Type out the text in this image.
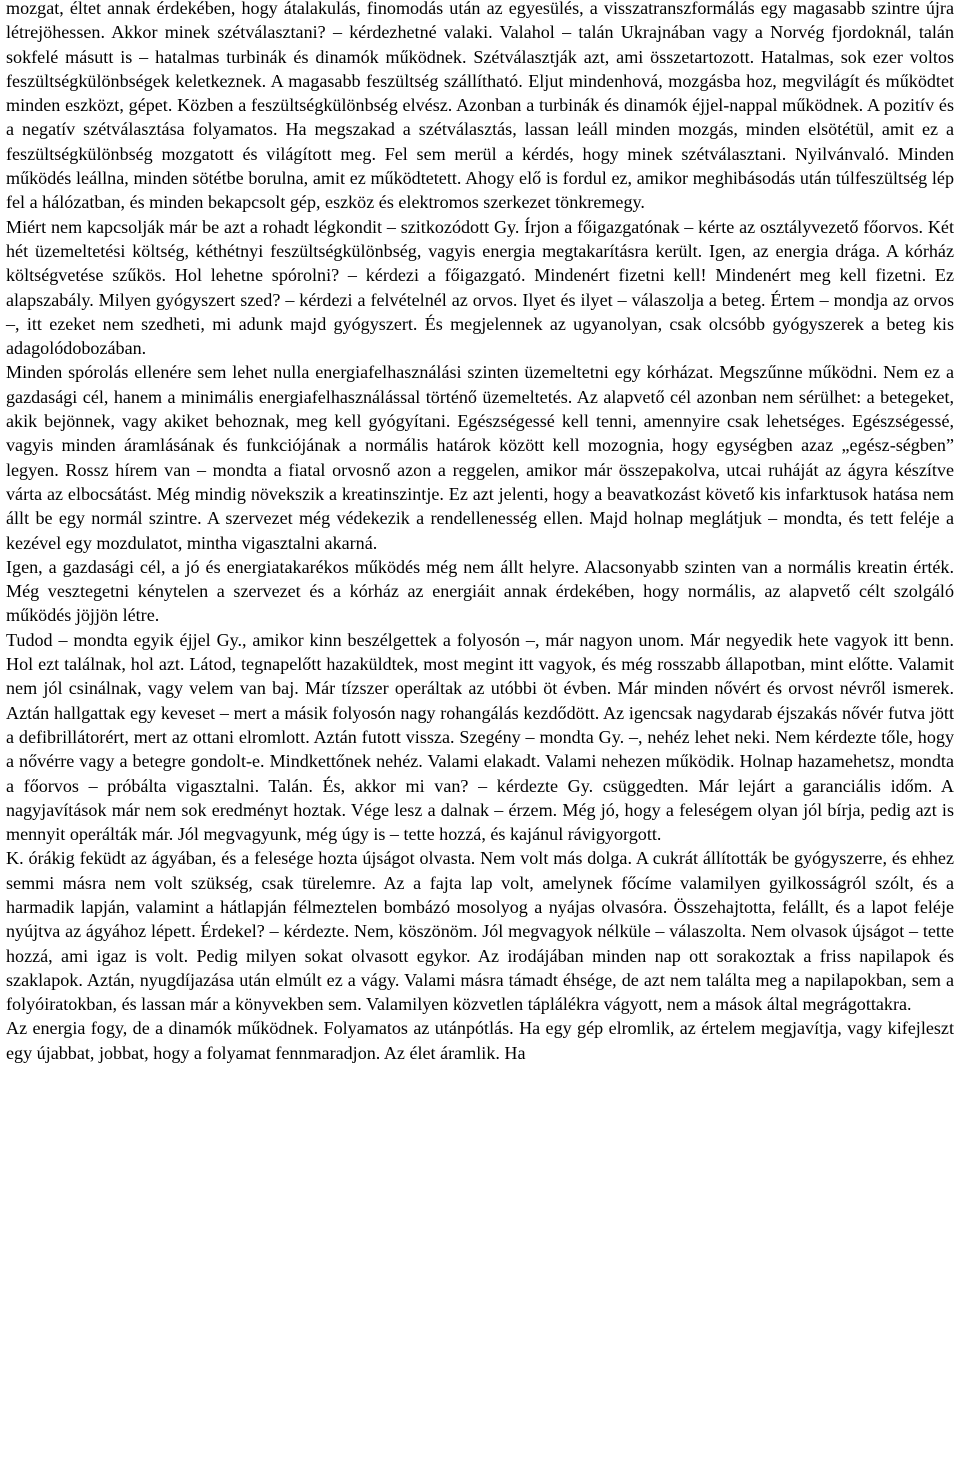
mozgat, éltet annak érdekében, hogy átalakulás, finomodás után az egyesülés, a visszatranszformálás egy magasabb szintre újra létrejöhessen. Akkor minek szétválasztani? – kérdezhetné valaki. Valahol – talán Ukrajnában vagy a Norvég fjordoknál, talán sokfelé másutt is – hatalmas turbinák és dinamók működnek. Szétválasztják azt, ami összetartozott. Hatalmas, sok ezer voltos feszültségkülönbségek keletkeznek. A magasabb feszültség szállítható. Eljut mindenhová, mozgásba hoz, megvilágít és működtet minden eszközt, gépet. Közben a feszültségkülönbség elvész. Azonban a turbinák és dinamók éjjel-nappal működnek. A pozitív és a negatív szétválasztása folyamatos. Ha megszakad a szétválasztás, lassan leáll minden mozgás, minden elsötétül, amit ez a feszültségkülönbség mozgatott és világított meg. Fel sem merül a kérdés, hogy minek szétválasztani. Nyilvánvaló. Minden működés leállna, minden sötétbe borulna, amit ez működtetett. Ahogy elő is fordul ez, amikor meghibásodás után túlfeszültség lép fel a hálózatban, és minden bekapcsolt gép, eszköz és elektromos szerkezet tönkremegy.

Miért nem kapcsolják már be azt a rohadt légkondit – szitkozódott Gy. Írjon a főigazgatónak – kérte az osztályvezető főorvos. Két hét üzemeltetési költség, kéthétnyi feszültségkülönbség, vagyis energia megtakarításra került. Igen, az energia drága. A kórház költségvetése szűkös. Hol lehetne spórolni? – kérdezi a főigazgató. Mindenért fizetni kell! Mindenért meg kell fizetni. Ez alapszabály. Milyen gyógyszert szed? – kérdezi a felvételnél az orvos. Ilyet és ilyet – válaszolja a beteg. Értem – mondja az orvos –, itt ezeket nem szedheti, mi adunk majd gyógyszert. És megjelennek az ugyanolyan, csak olcsóbb gyógyszerek a beteg kis adagolódobozában.

Minden spórolás ellenére sem lehet nulla energiafelhasználási szinten üzemeltetni egy kórházat. Megszűnne működni. Nem ez a gazdasági cél, hanem a minimális energiafelhasználással történő üzemeltetés. Az alapvető cél azonban nem sérülhet: a betegeket, akik bejönnek, vagy akiket behoznak, meg kell gyógyítani. Egészségessé kell tenni, amennyire csak lehetséges. Egészségessé, vagyis minden áramlásának és funkciójának a normális határok között kell mozognia, hogy egységben azaz „egész-ségben” legyen. Rossz hírem van – mondta a fiatal orvosnő azon a reggelen, amikor már összepakolva, utcai ruháját az ágyra készítve várta az elbocsátást. Még mindig növekszik a kreatinszintje. Ez azt jelenti, hogy a beavatkozást követő kis infarktusok hatása nem állt be egy normál szintre. A szervezet még védekezik a rendellenesség ellen. Majd holnap meglátjuk – mondta, és tett feléje a kezével egy mozdulatot, mintha vigasztalni akarná.

Igen, a gazdasági cél, a jó és energiatakarékos működés még nem állt helyre. Alacsonyabb szinten van a normális kreatin érték. Még vesztegetni kénytelen a szervezet és a kórház az energiáit annak érdekében, hogy normális, az alapvető célt szolgáló működés jöjjön létre.

Tudod – mondta egyik éjjel Gy., amikor kinn beszélgettek a folyosón –, már nagyon unom. Már negyedik hete vagyok itt benn. Hol ezt találnak, hol azt. Látod, tegnapelőtt hazaküldtek, most megint itt vagyok, és még rosszabb állapotban, mint előtte. Valamit nem jól csinálnak, vagy velem van baj. Már tízszer operáltak az utóbbi öt évben. Már minden nővért és orvost névről ismerek. Aztán hallgattak egy keveset – mert a másik folyosón nagy rohangálás kezdődött. Az igencsak nagydarab éjszakás nővér futva jött a defibrillátorért, mert az ottani elromlott. Aztán futott vissza. Szegény – mondta Gy. –, nehéz lehet neki. Nem kérdezte tőle, hogy a nővérre vagy a betegre gondolt-e. Mindkettőnek nehéz. Valami elakadt. Valami nehezen működik. Holnap hazamehetsz, mondta a főorvos – próbálta vigasztalni. Talán. És, akkor mi van? – kérdezte Gy. csüggedten. Már lejárt a garanciális időm. A nagyjavítások már nem sok eredményt hoztak. Vége lesz a dalnak – érzem. Még jó, hogy a feleségem olyan jól bírja, pedig azt is mennyit operálták már. Jól megvagyunk, még úgy is – tette hozzá, és kajánul rávigyorgott.

K. órákig feküdt az ágyában, és a felesége hozta újságot olvasta. Nem volt más dolga. A cukrát állították be gyógyszerre, és ehhez semmi másra nem volt szükség, csak türelemre. Az a fajta lap volt, amelynek főcíme valamilyen gyilkosságról szólt, és a harmadik lapján, valamint a hátlapján félmeztelen bombázó mosolyog a nyájas olvasóra. Összehajtotta, felállt, és a lapot feléje nyújtva az ágyához lépett. Érdekel? – kérdezte. Nem, köszönöm. Jól megvagyok nélküle – válaszolta. Nem olvasok újságot – tette hozzá, ami igaz is volt. Pedig milyen sokat olvasott egykor. Az irodájában minden nap ott sorakoztak a friss napilapok és szaklapok. Aztán, nyugdíjazása után elmúlt ez a vágy. Valami másra támadt éhsége, de azt nem találta meg a napilapokban, sem a folyóiratokban, és lassan már a könyvekben sem. Valamilyen közvetlen táplálékra vágyott, nem a mások által megrágottakra.

Az energia fogy, de a dinamók működnek. Folyamatos az utánpótlás. Ha egy gép elromlik, az értelem megjavítja, vagy kifejleszt egy újabbat, jobbat, hogy a folyamat fennmaradjon. Az élet áramlik. Ha
